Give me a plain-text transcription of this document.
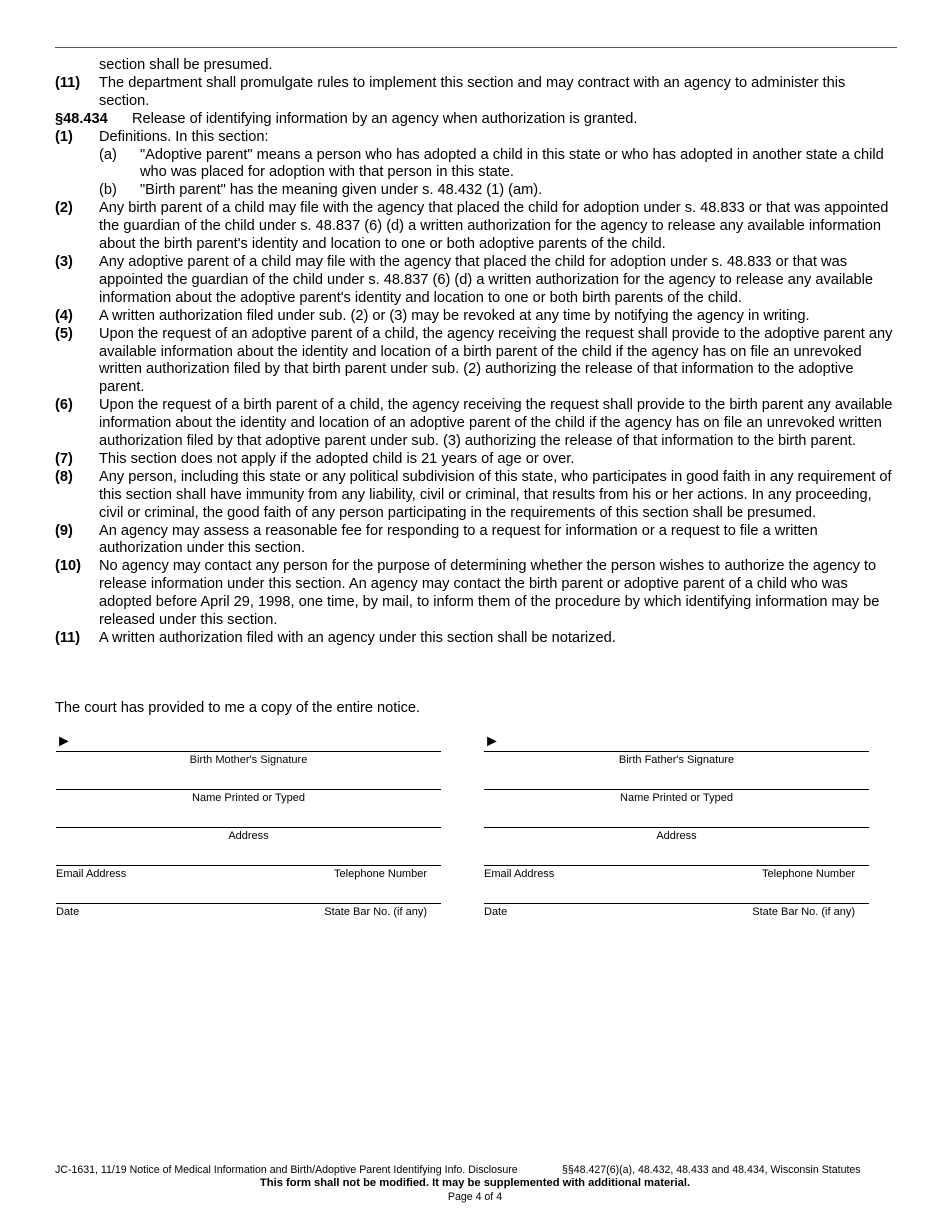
section shall be presumed.
(11)	The department shall promulgate rules to implement this section and may contract with an agency to administer this section.
§48.434	Release of identifying information by an agency when authorization is granted.
(1)	Definitions. In this section:
(a)	"Adoptive parent" means a person who has adopted a child in this state or who has adopted in another state a child who was placed for adoption with that person in this state.
(b)	"Birth parent" has the meaning given under s. 48.432 (1) (am).
(2)	Any birth parent of a child may file with the agency that placed the child for adoption under s. 48.833 or that was appointed the guardian of the child under s. 48.837 (6) (d) a written authorization for the agency to release any available information about the birth parent's identity and location to one or both adoptive parents of the child.
(3)	Any adoptive parent of a child may file with the agency that placed the child for adoption under s. 48.833 or that was appointed the guardian of the child under s. 48.837 (6) (d) a written authorization for the agency to release any available information about the adoptive parent's identity and location to one or both birth parents of the child.
(4)	A written authorization filed under sub. (2) or (3) may be revoked at any time by notifying the agency in writing.
(5)	Upon the request of an adoptive parent of a child, the agency receiving the request shall provide to the adoptive parent any available information about the identity and location of a birth parent of the child if the agency has on file an unrevoked written authorization filed by that birth parent under sub. (2) authorizing the release of that information to the adoptive parent.
(6)	Upon the request of a birth parent of a child, the agency receiving the request shall provide to the birth parent any available information about the identity and location of an adoptive parent of the child if the agency has on file an unrevoked written authorization filed by that adoptive parent under sub. (3) authorizing the release of that information to the birth parent.
(7)	This section does not apply if the adopted child is 21 years of age or over.
(8)	Any person, including this state or any political subdivision of this state, who participates in good faith in any requirement of this section shall have immunity from any liability, civil or criminal, that results from his or her actions. In any proceeding, civil or criminal, the good faith of any person participating in the requirements of this section shall be presumed.
(9)	An agency may assess a reasonable fee for responding to a request for information or a request to file a written authorization under this section.
(10)	No agency may contact any person for the purpose of determining whether the person wishes to authorize the agency to release information under this section. An agency may contact the birth parent or adoptive parent of a child who was adopted before April 29, 1998, one time, by mail, to inform them of the procedure by which identifying information may be released under this section.
(11)	A written authorization filed with an agency under this section shall be notarized.
The court has provided to me a copy of the entire notice.
►
Birth Mother's Signature
Name Printed or Typed
Address
Email Address	Telephone Number
Date	State Bar No. (if any)
►
Birth Father's Signature
Name Printed or Typed
Address
Email Address	Telephone Number
Date	State Bar No. (if any)
JC-1631, 11/19 Notice of Medical Information and Birth/Adoptive Parent Identifying Info. Disclosure	§§48.427(6)(a), 48.432, 48.433 and 48.434, Wisconsin Statutes
This form shall not be modified. It may be supplemented with additional material.
Page 4 of 4
